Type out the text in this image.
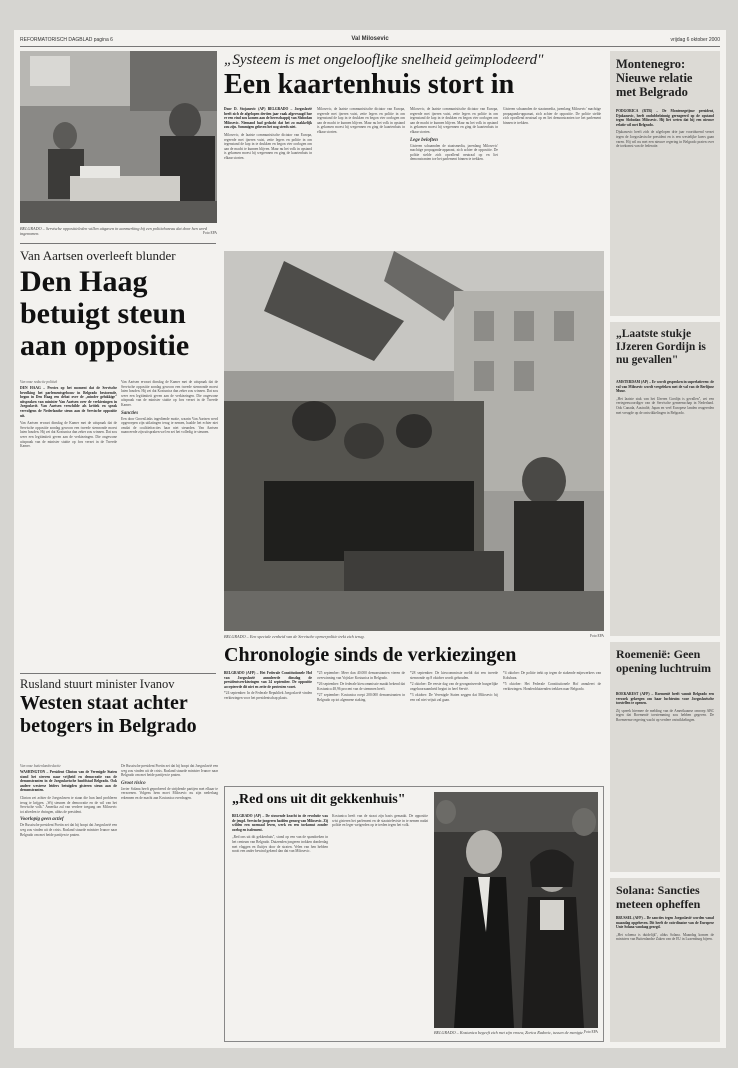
REFORMATORISCH DAGBLAD pagina 6	Val Milosevic	vrijdag 6 oktober 2000
BELGRADO – Servische oppositieleden willen uitgaven in aanmerking bij een politiebureau dat door hen werd ingenomen.	Foto EPA
„Systeem is met ongeloofljke snelheid geïmplodeerd"
Een kaartenhuis stort in
Door D. Stojanovic (AP) BELGRADO – Joegoslavië heeft zich de afgelopen dertien jaar vaak afgevraagd hoe er een eind zou komen aan de heerschappij van Slobodan Milosevic. Niemand had gedacht dat het zo makkelijk zou zijn. Sommigen geloven het nog steeds niet.
Milosevic, de laatste communistische dictator van Europa, regeerde met ijzeren vuist, zette legers en politie in om tegenstand de kop in te drukken en begon vier oorlogen om aan de macht te kunnen blijven. Maar nu het volk in opstand is gekomen moest hij wegrennen en ging de kaartenhuis in elkaar storten.
Milosevic, de laatste communistische dictator van Europa, regeerde met ijzeren vuist, zette legers en politie in om tegenstand de kop in te drukken en begon vier oorlogen om aan de macht te kunnen blijven. Maar nu het volk in opstand is gekomen moest hij wegrennen en ging de kaartenhuis in elkaar storten.
Milosevic, de laatste communistische dictator van Europa, regeerde met ijzeren vuist, zette legers en politie in om tegenstand de kop in te drukken en begon vier oorlogen om aan de macht te kunnen blijven. Maar nu het volk in opstand is gekomen moest hij wegrennen en ging de kaartenhuis in elkaar storten.
Lege beloften
Gisteren schaamden de staatsmedia, jarenlang Milosevic' machtige propaganda-apparaat, zich achter de oppositie. De politie stelde zich opvallend neutraal op en liet demonstranten toe het parlement binnen te trekken.
Gisteren schaamden de staatsmedia, jarenlang Milosevic' machtige propaganda-apparaat, zich achter de oppositie. De politie stelde zich opvallend neutraal op en liet demonstranten toe het parlement binnen te trekken.
Montenegro: Nieuwe relatie met Belgrado
PODGORICA (RTR) – De Montenegrijnse president, Djukanovic, heeft ondubbelzinnig gereageerd op de opstand tegen Slobodan Milosevic. Hij liet weten dat hij een nieuwe relatie wil met Belgrado.
Djukanovic heeft zich de afgelopen drie jaar voortdurend verzet tegen de Joegoslavische president en is een westelijke koers gaan varen. Hij wil nu met een nieuwe regering in Belgrado praten over de toekomst van de federatie.
Van Aartsen overleeft blunder
Den Haag betuigt steun aan oppositie
Van onze redactie politiek
DEN HAAG – Precies op het moment dat de Servische bevolking het parlementsgebouw in Belgrado bestormde, begon in Den Haag een debat over de „minder gelukkige" uitspraken van minister Van Aartsen over de verkiezingen in Joegoslavië. Van Aartsen verschilde als kritiek en sprak vervolgens de Nederlandse steun aan de Servische oppositie uit.
Van Aartsen ervaart dinsdag de Kamer met de uitspraak dat de Servische oppositie zondag gewoon een tweede stemronde moest laten houden. Hij zei dat Kostunica dan zeker zou winnen. Dat zou weer een legitimiteit geven aan de verkiezingen. Die ongewone uitspraak van de minister stuitte op fors verzet in de Tweede Kamer.
Van Aartsen ervaart dinsdag de Kamer met de uitspraak dat de Servische oppositie zondag gewoon een tweede stemronde moest laten houden. Hij zei dat Kostunica dan zeker zou winnen. Dat zou weer een legitimiteit geven aan de verkiezingen. Die ongewone uitspraak van de minister stuitte op fors verzet in de Tweede Kamer.
Sancties
Een door GroenLinks ingediende motie, waarin Van Aartsen werd opgeroepen zijn uitlatingen terug te nemen, haalde het echter niet omdat de coalitiefracties haar niet steunden. Van Aartsen nuanceerde zijn uitspraken wel en zei het volledig te steunen.
BELGRADO – Een speciale eenheid van de Servische oproerpolitie trekt zich terug.	Foto EPA
„Laatste stukje IJzeren Gordijn is nu gevallen"
AMSTERDAM (AP) – Er wordt gesproken in superlatieven: de val van Milosevic wordt vergeleken met de val van de Berlijnse Muur.
„Het laatste stuk van het IJzeren Gordijn is gevallen", zei een vertegenwoordiger van de Servische gemeenschap in Nederland. Ook Canada, Australië, Japan en veel Europese landen reageerden met vreugde op de ontwikkelingen in Belgrado.
Rusland stuurt minister Ivanov
Westen staat achter betogers in Belgrado
Van onze buitenlandredactie
WASHINGTON – President Clinton van de Verenigde Staten stond het streven naar vrijheid en democratie van de demonstranten in de Joegoslavische hoofdstad Belgrado. Ook andere westerse leiders betuigden gisteren steun aan de demonstranten.
Clinton zei achter de Joegoslaven te staan die hun land probleren terug te krijgen. „Wij steunen de democratie en de wil van het Servische volk." Amerika zal van verdere toegang om Milosevic tot aftreden te dwingen, aldus de president.
Voorlopig geen actief
De Russische president Poetin zei dat hij hoopt dat Joegoslavië een weg zou vinden uit de crisis. Rusland stuurde minister Ivanov naar Belgrado om met beide partijen te praten.
De Russische president Poetin zei dat hij hoopt dat Joegoslavië een weg zou vinden uit de crisis. Rusland stuurde minister Ivanov naar Belgrado om met beide partijen te praten.
Groot risico
Javier Solana heeft geprobeerd de strijdende partijen met elkaar te verzoenen. Volgens hem moet Milosevic nu zijn nederlaag erkennen en de macht aan Kostunica overdragen.
Chronologie sinds de verkiezingen
BELGRADO (AFP) – Het Federale Constitutionele Hof van Joegoslavië annuleerde dinsdag de presidentsverkiezingen van 24 september. De oppositie accepteerde dit niet en zette de protesten voort.
*24 september: In de Federale Republiek Joegoslavië vinden verkiezingen voor het presidentschap plaats.
*25 september: Meer dan 40.000 demonstranten vieren de overwinning van Vojislav Kostunica in Belgrado.
*26 september: De federale kiescommissie maakt bekend dat Kostunica 48,96 procent van de stemmen heeft.
*27 september: Kostunica roept 200.000 demonstranten in Belgrado op tot algemene staking.
*28 september: De kiescommissie meldt dat een tweede stemronde op 8 oktober wordt gehouden.
*2 oktober: De eerste dag van de georganiseerde burgerlijke ongehoorzaamheid begint in heel Servië.
*3 oktober: De Verenigde Staten zeggen dat Milosevic bij een val niet vrijuit zal gaan.
*4 oktober: De politie trekt op tegen de stakende mijnwerkers van Kolubara.
*5 oktober: Het Federale Constitutionele Hof annuleert de verkiezingen. Honderdduizenden trekken naar Belgrado.
Roemenië: Geen opening luchtruim
BOEKAREST (AFP) – Roemenië heeft vanuit Belgrado een verzoek gekregen om haar luchtruim voor Joegoslavische toestellen te openen.
Zij spreek hiermee de melding van de Amerikaanse omroep ABC tegen dat Roemenië toestemming zou hebben gegeven. De Roemeense regering wacht op verdere ontwikkelingen.
„Red ons uit dit gekkenhuis"
BELGRADO (AP) – De stuwende kracht in de revolutie was de jeugd. Servische jongeren hadden genoeg van Milosevic. Zij wilden een normaal leven, werk en een toekomst zonder oorlog en isolement.
„Red ons uit dit gekkenhuis", stond op een van de spandoeken in het centrum van Belgrado. Duizenden jongeren trokken donderdag met vlaggen en fluitjes door de straten. Velen van hen hebben nooit een ander bewind gekend dan dat van Milosevic.
Kostunica heeft van de straat zijn basis gemaakt. De oppositie wist gisteren het parlement en de staatstelevisie in te nemen nadat politie en leger weigerden op te treden tegen het volk.
BELGRADO – Kostunica begeeft zich met zijn vrouw, Zorica Radovic, tussen de menigte. Foto EPA
Solana: Sancties meteen opheffen
BRUSSEL (AFP) – De sancties tegen Joegoslavië worden vanaf maandag opgeheven. Dit heeft de coördinator van de Europese Unie Solana vandaag gezegd.
„Het schema is duidelijk", aldus Solana. Maandag komen de ministers van Buitenlandse Zaken van de EU in Luxemburg bijeen.
